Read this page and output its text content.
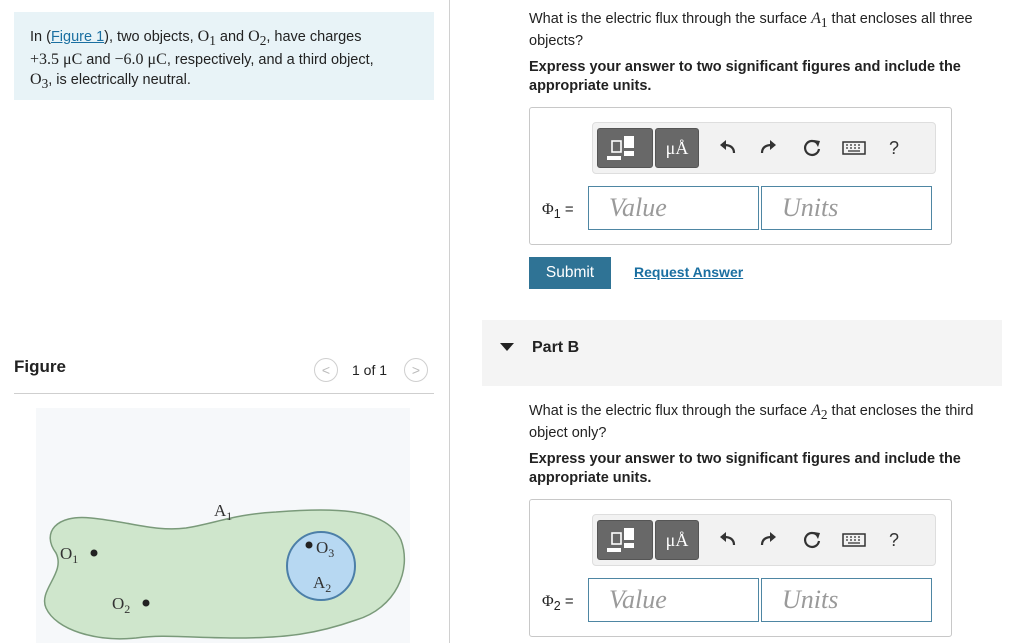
In (Figure 1), two objects, $O_1$ and $O_2$, have charges
+3.5 μC and −6.0 μC, respectively, and a third object,
$O_3$, is electrically neutral.
Figure	<	1 of 1	>
$A_1$
$A_2$
$O_3$
$O_1$
$O_2$
What is the electric flux through the surface $A_1$ that encloses all three objects?
Express your answer to two significant figures and include the appropriate units.
μÅ	?
$\Phi_1$ =	Value	Units
Submit	Request Answer
Part B
What is the electric flux through the surface $A_2$ that encloses the third object only?
Express your answer to two significant figures and include the appropriate units.
μÅ	?
$\Phi_2$ =	Value	Units
